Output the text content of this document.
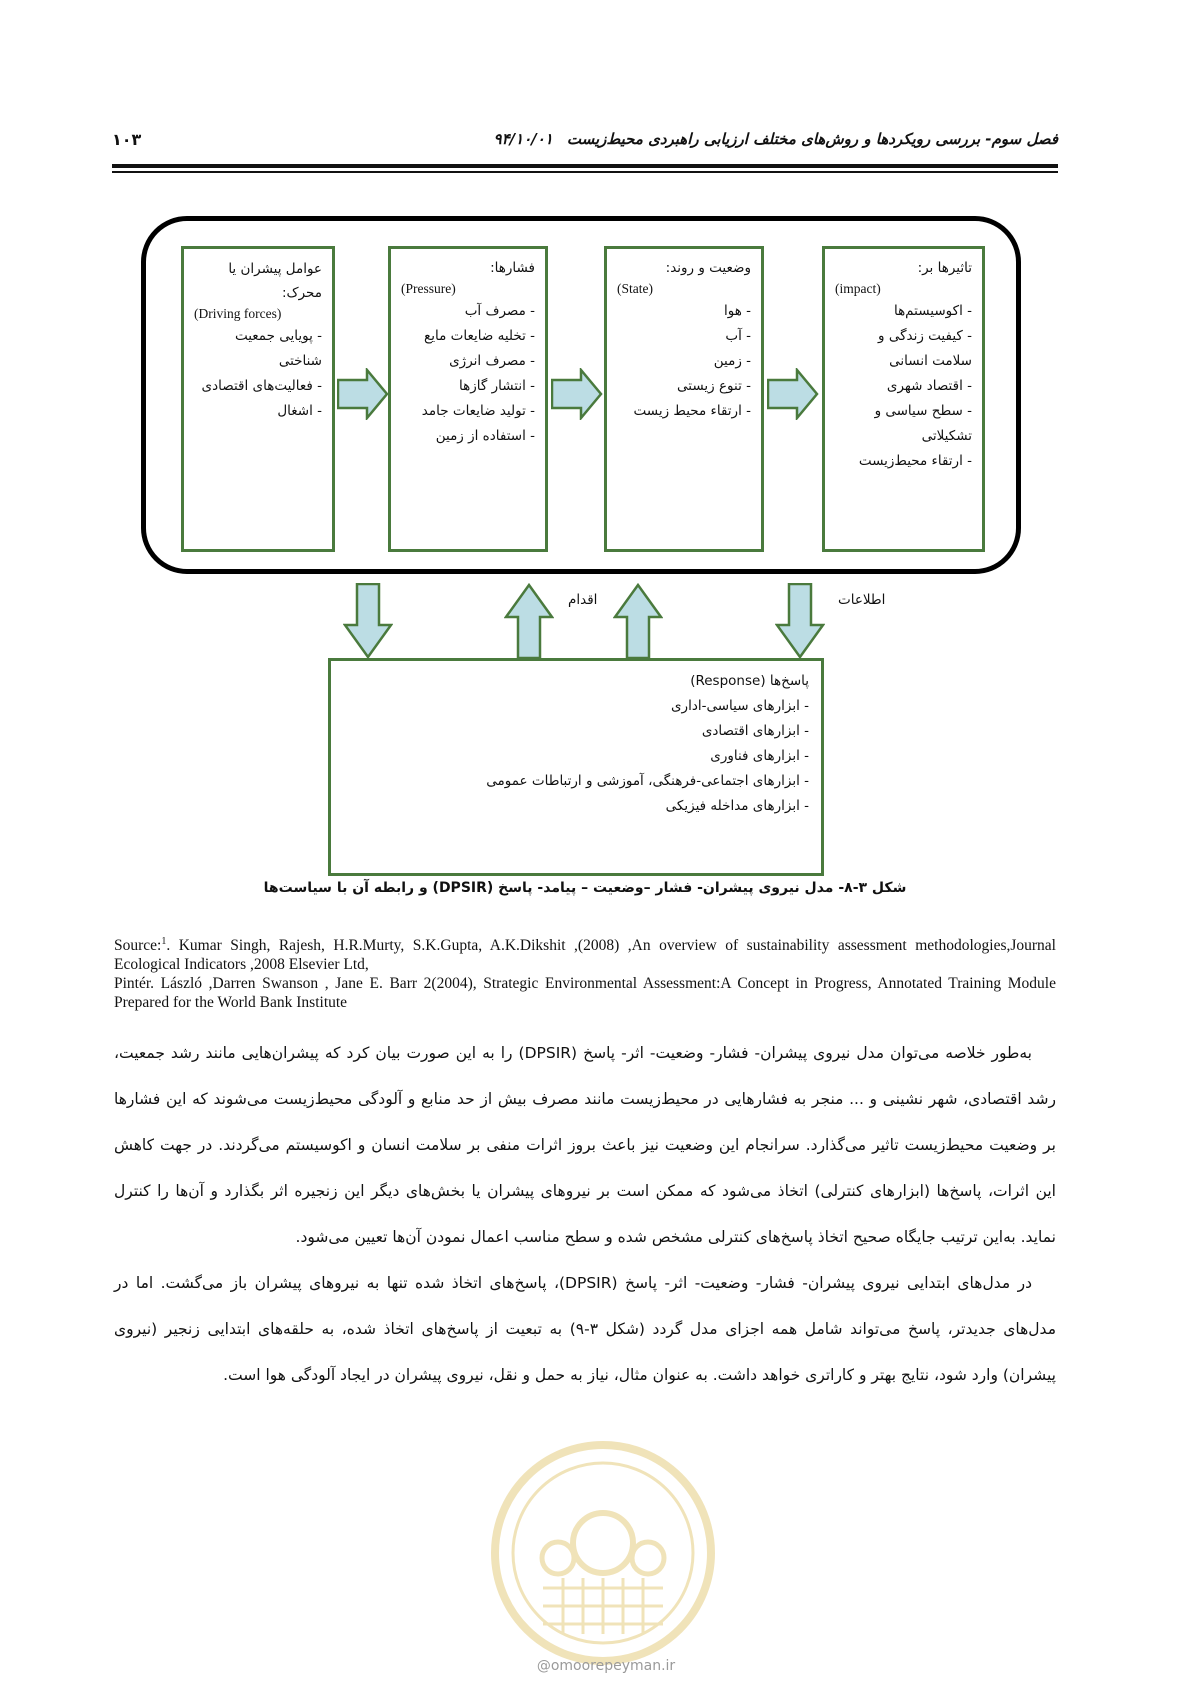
فصل سوم- بررسی رویکردها و روش‌های مختلف ارزیابی راهبردی محیط‌زیست۹۴/۱۰/۰۱
۱۰۳
عوامل پیشران یا
محرک:
(Driving forces)
- پویایی جمعیت
شناختی
- فعالیت‌های اقتصادی
- اشغال
فشارها:
(Pressure)
- مصرف آب
- تخلیه ضایعات مایع
- مصرف انرژی
- انتشار گازها
- تولید ضایعات جامد
- استفاده از زمین
وضعیت و روند:
(State)
- هوا
- آب
- زمین
- تنوع زیستی
- ارتقاء محیط زیست
تاثیرها بر:
(impact)
- اکوسیستم‌ها
- کیفیت زندگی و
سلامت انسانی
- اقتصاد شهری
- سطح سیاسی و
تشکیلاتی
- ارتقاء محیط‌زیست
اقدام	اطلاعات
پاسخ‌ها (Response)
- ابزارهای سیاسی-اداری
- ابزارهای اقتصادی
- ابزارهای فناوری
- ابزارهای اجتماعی-فرهنگی، آموزشی و ارتباطات عمومی
- ابزارهای مداخله فیزیکی
شکل ۳-۸- مدل نیروی پیشران- فشار –وضعیت – پیامد- پاسخ (DPSIR) و رابطه آن با سیاست‌ها

Source:$^1$. Kumar Singh, Rajesh, H.R.Murty, S.K.Gupta, A.K.Dikshit ,(2008) ,An overview of sustainability assessment methodologies,Journal Ecological Indicators ,2008 Elsevier Ltd,

Pintér. László ,Darren Swanson , Jane E. Barr 2(2004), Strategic Environmental Assessment:A Concept in Progress, Annotated Training Module Prepared for the World Bank Institute

به‌طور خلاصه می‌توان مدل نیروی پیشران- فشار- وضعیت- اثر- پاسخ (DPSIR) را به این صورت بیان کرد که پیشران‌هایی مانند رشد جمعیت، رشد اقتصادی، شهر نشینی و ... منجر به فشارهایی در محیط‌زیست مانند مصرف بیش از حد منابع و آلودگی محیط‌زیست می‌شوند که این فشارها بر وضعیت محیط‌زیست تاثیر می‌گذارد. سرانجام این وضعیت نیز باعث بروز اثرات منفی بر سلامت انسان و اکوسیستم می‌گردند. در جهت کاهش این اثرات، پاسخ‌ها (ابزارهای کنترلی) اتخاذ می‌شود که ممکن است بر نیروهای پیشران یا بخش‌های دیگر این زنجیره اثر بگذارد و آن‌ها را کنترل نماید. به‌این ترتیب جایگاه صحیح اتخاذ پاسخ‌های کنترلی مشخص شده و سطح مناسب اعمال نمودن آن‌ها تعیین می‌شود.

در مدل‌های ابتدایی نیروی پیشران- فشار- وضعیت- اثر- پاسخ (DPSIR)، پاسخ‌های اتخاذ شده تنها به نیروهای پیشران باز می‌گشت. اما در مدل‌های جدیدتر، پاسخ می‌تواند شامل همه اجزای مدل گردد (شکل ۳-۹) به تبعیت از پاسخ‌های اتخاذ شده، به حلقه‌های ابتدایی زنجیر (نیروی پیشران) وارد شود، نتایج بهتر و کاراتری خواهد داشت. به عنوان مثال، نیاز به حمل و نقل، نیروی پیشران در ایجاد آلودگی هوا است.

@omoorepeyman.ir
